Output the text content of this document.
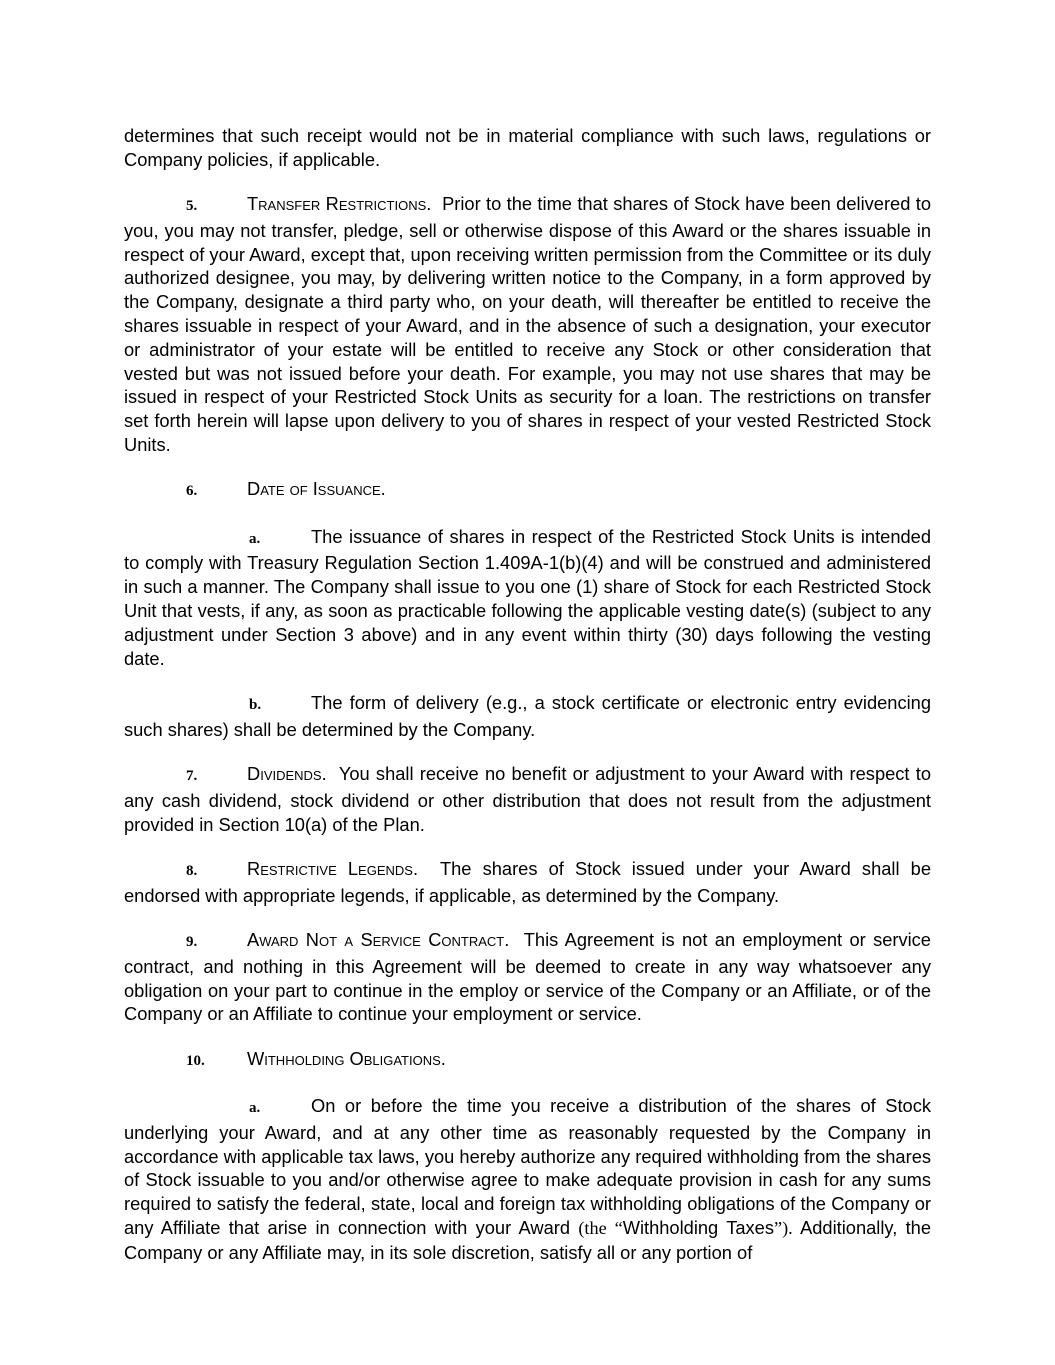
determines that such receipt would not be in material compliance with such laws, regulations or Company policies, if applicable.

5.	Transfer Restrictions.  Prior to the time that shares of Stock have been delivered to you, you may not transfer, pledge, sell or otherwise dispose of this Award or the shares issuable in respect of your Award, except that, upon receiving written permission from the Committee or its duly authorized designee, you may, by delivering written notice to the Company, in a form approved by the Company, designate a third party who, on your death, will thereafter be entitled to receive the shares issuable in respect of your Award, and in the absence of such a designation, your executor or administrator of your estate will be entitled to receive any Stock or other consideration that vested but was not issued before your death. For example, you may not use shares that may be issued in respect of your Restricted Stock Units as security for a loan. The restrictions on transfer set forth herein will lapse upon delivery to you of shares in respect of your vested Restricted Stock Units.

6.	Date of Issuance.

a.	The issuance of shares in respect of the Restricted Stock Units is intended to comply with Treasury Regulation Section 1.409A-1(b)(4) and will be construed and administered in such a manner. The Company shall issue to you one (1) share of Stock for each Restricted Stock Unit that vests, if any, as soon as practicable following the applicable vesting date(s) (subject to any adjustment under Section 3 above) and in any event within thirty (30) days following the vesting date.

b.	The form of delivery (e.g., a stock certificate or electronic entry evidencing such shares) shall be determined by the Company.

7.	Dividends.  You shall receive no benefit or adjustment to your Award with respect to any cash dividend, stock dividend or other distribution that does not result from the adjustment provided in Section 10(a) of the Plan.

8.	Restrictive Legends.  The shares of Stock issued under your Award shall be endorsed with appropriate legends, if applicable, as determined by the Company.

9.	Award Not a Service Contract.  This Agreement is not an employment or service contract, and nothing in this Agreement will be deemed to create in any way whatsoever any obligation on your part to continue in the employ or service of the Company or an Affiliate, or of the Company or an Affiliate to continue your employment or service.

10. Withholding Obligations.

a.	On or before the time you receive a distribution of the shares of Stock underlying your Award, and at any other time as reasonably requested by the Company in accordance with applicable tax laws, you hereby authorize any required withholding from the shares of Stock issuable to you and/or otherwise agree to make adequate provision in cash for any sums required to satisfy the federal, state, local and foreign tax withholding obligations of the Company or any Affiliate that arise in connection with your Award (the “Withholding Taxes”). Additionally, the Company or any Affiliate may, in its sole discretion, satisfy all or any portion of
